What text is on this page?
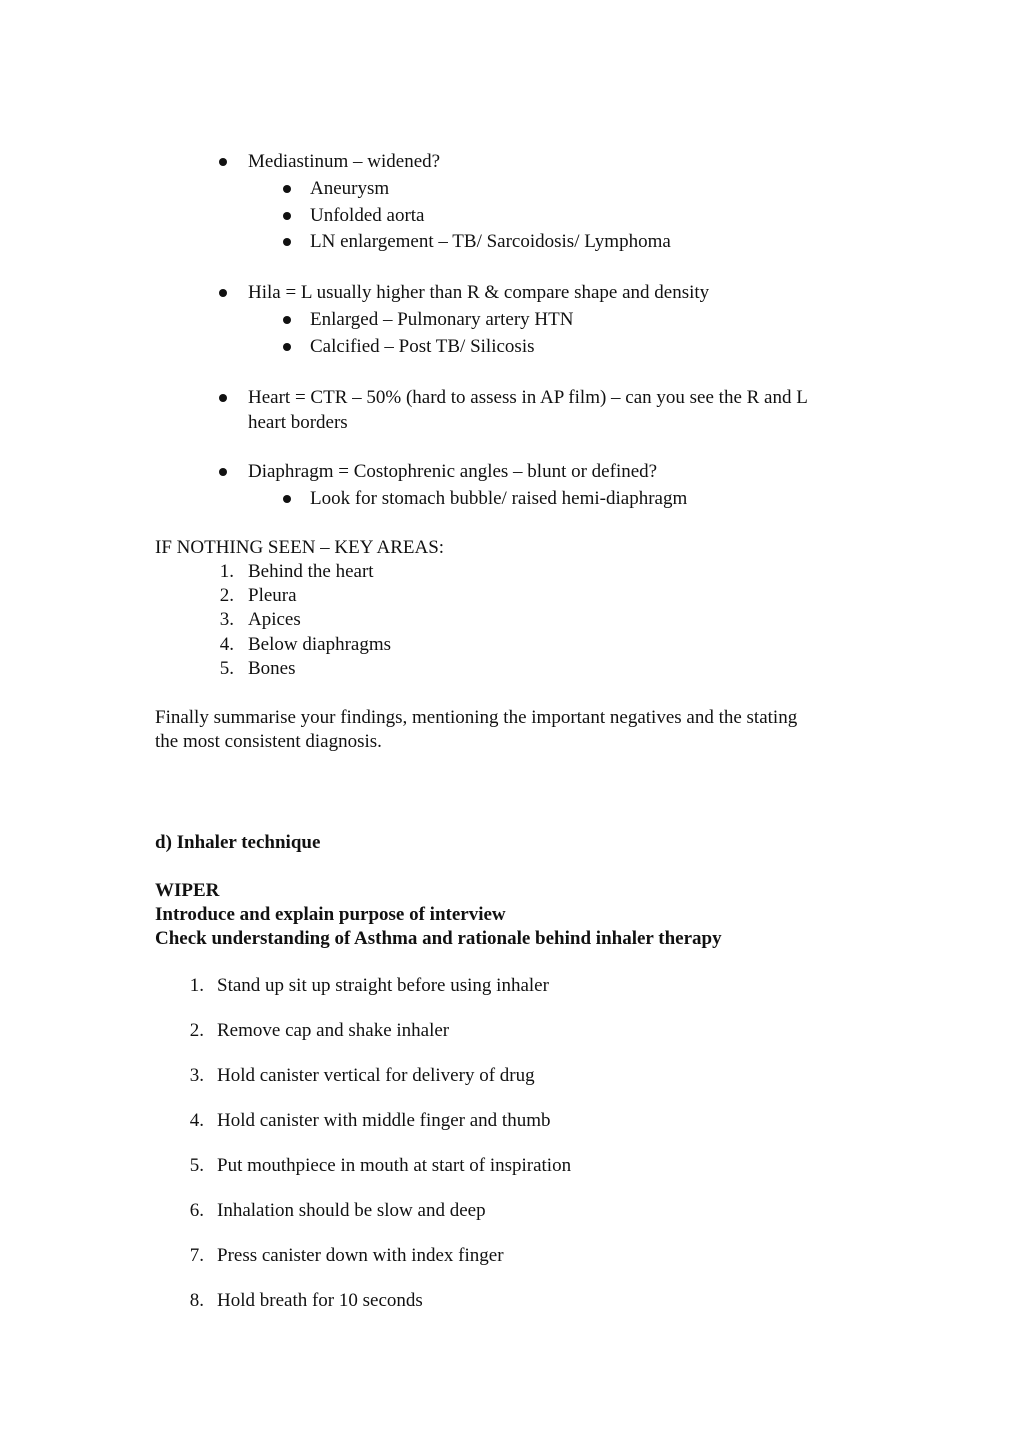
Mediastinum – widened?
Aneurysm
Unfolded aorta
LN enlargement – TB/ Sarcoidosis/ Lymphoma
Hila = L usually higher than R & compare shape and density
Enlarged – Pulmonary artery HTN
Calcified – Post TB/ Silicosis
Heart = CTR – 50% (hard to assess in AP film) – can you see the R and L
heart borders
Diaphragm = Costophrenic angles – blunt or defined?
Look for stomach bubble/ raised hemi-diaphragm
IF NOTHING SEEN – KEY AREAS:
1. Behind the heart
2. Pleura
3. Apices
4. Below diaphragms
5. Bones
Finally summarise your findings, mentioning the important negatives and the stating
the most consistent diagnosis.
d) Inhaler technique
WIPER
Introduce and explain purpose of interview
Check understanding of Asthma and rationale behind inhaler therapy
1. Stand up sit up straight before using inhaler
2. Remove cap and shake inhaler
3. Hold canister vertical for delivery of drug
4. Hold canister with middle finger and thumb
5. Put mouthpiece in mouth at start of inspiration
6. Inhalation should be slow and deep
7. Press canister down with index finger
8. Hold breath for 10 seconds
